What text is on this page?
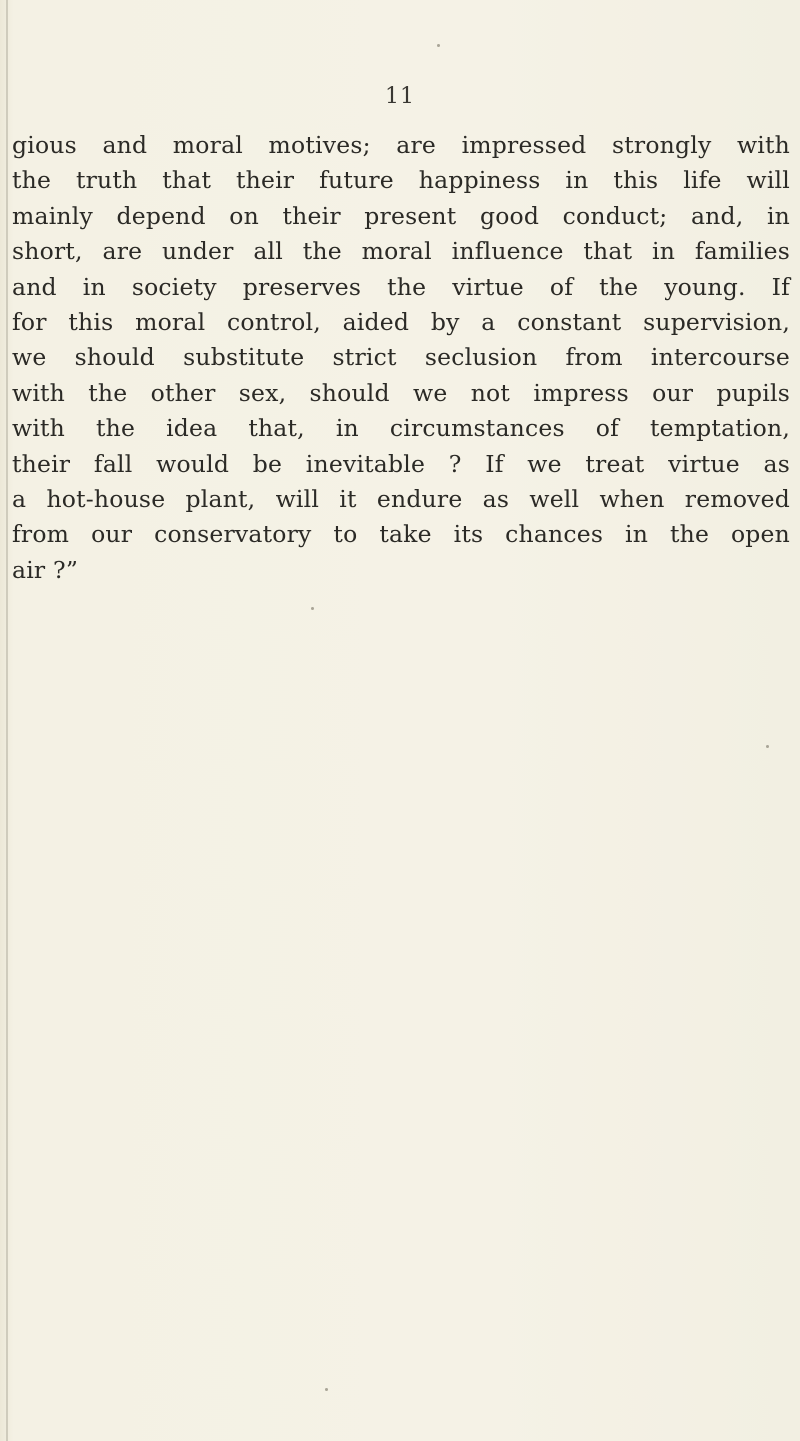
11
gious and moral motives; are impressed strongly with
the truth that their future happiness in this life will
mainly depend on their present good conduct; and, in
short, are under all the moral influence that in families
and in society preserves the virtue of the young. If
for this moral control, aided by a constant supervision,
we should substitute strict seclusion from intercourse
with the other sex, should we not impress our pupils
with the idea that, in circumstances of temptation,
their fall would be inevitable ? If we treat virtue as
a hot-house plant, will it endure as well when removed
from our conservatory to take its chances in the open
air ?”
